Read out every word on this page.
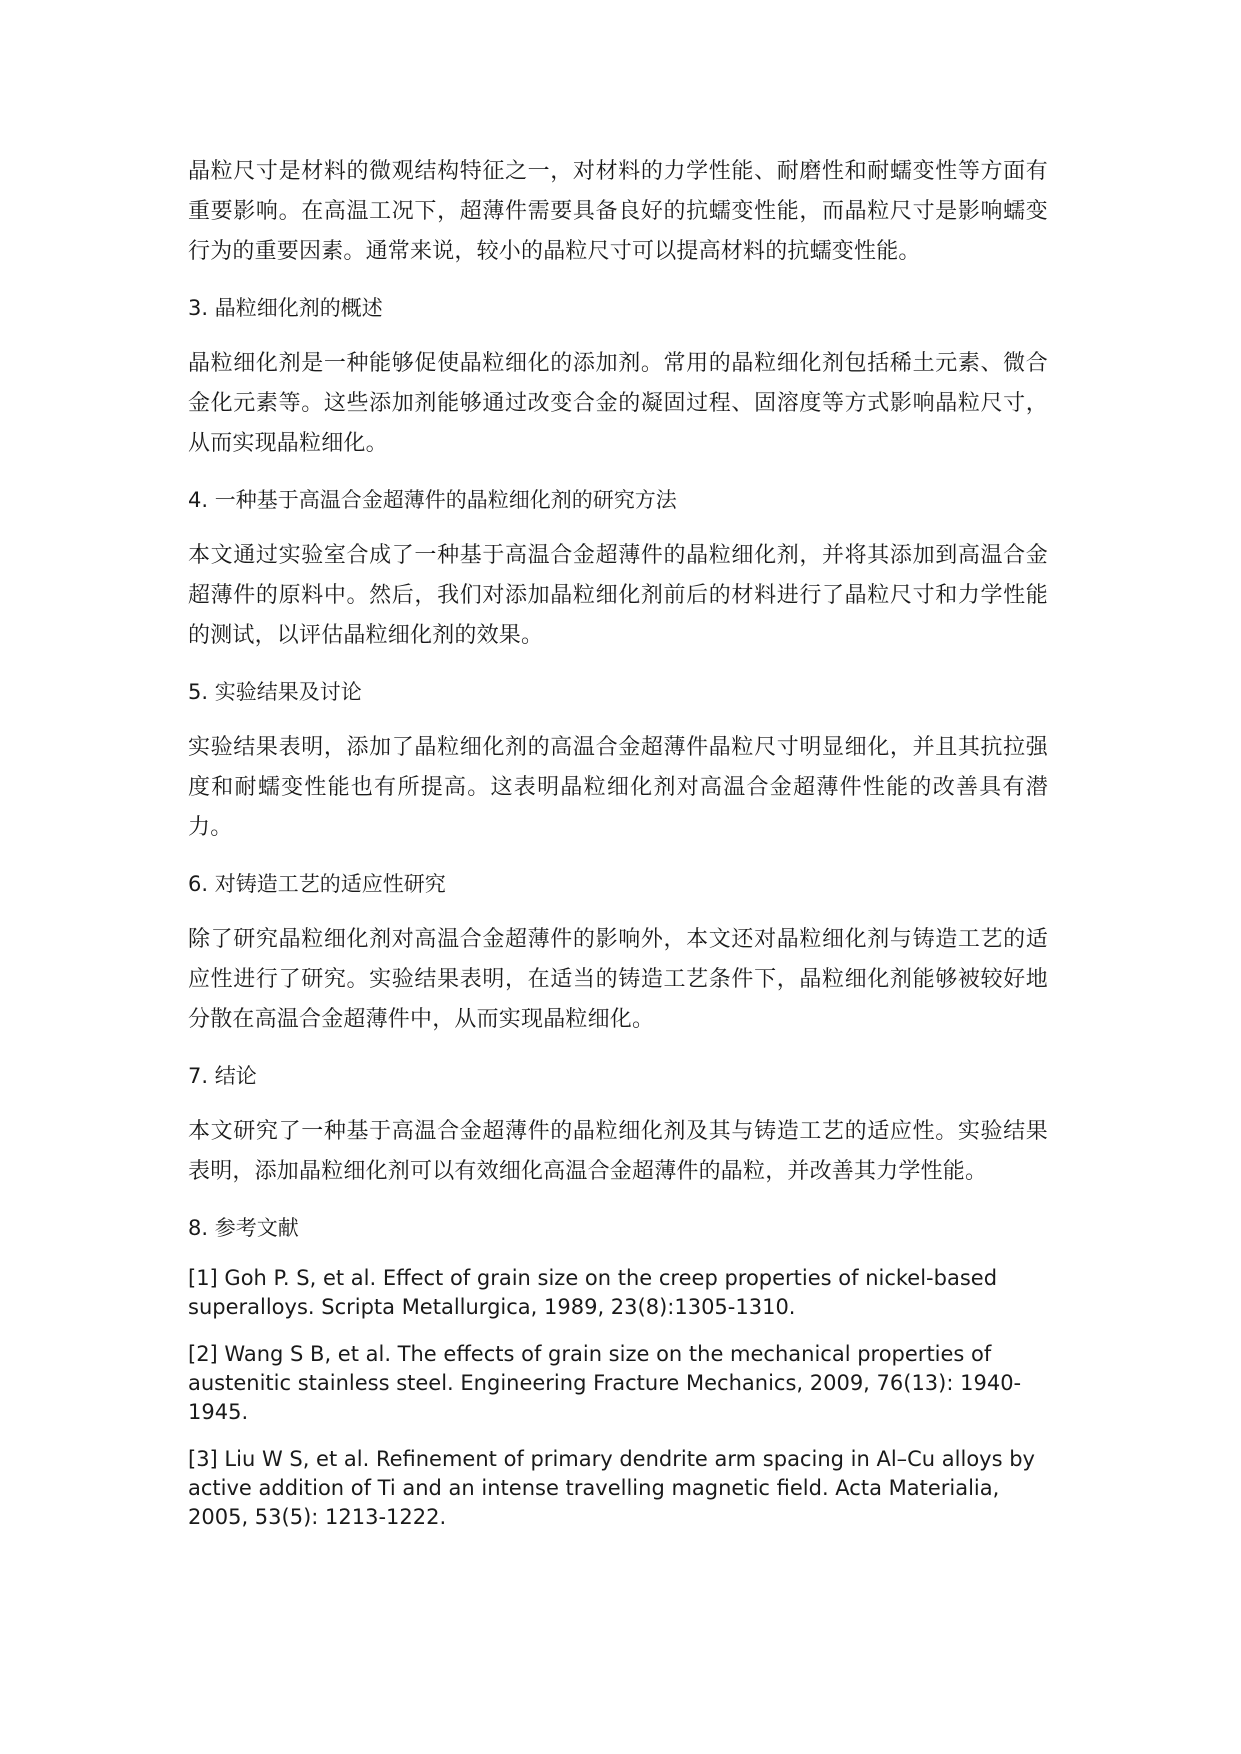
晶粒尺寸是材料的微观结构特征之一，对材料的力学性能、耐磨性和耐蠕变性等方面有重要影响。在高温工况下，超薄件需要具备良好的抗蠕变性能，而晶粒尺寸是影响蠕变行为的重要因素。通常来说，较小的晶粒尺寸可以提高材料的抗蠕变性能。

3. 晶粒细化剂的概述

晶粒细化剂是一种能够促使晶粒细化的添加剂。常用的晶粒细化剂包括稀土元素、微合金化元素等。这些添加剂能够通过改变合金的凝固过程、固溶度等方式影响晶粒尺寸，从而实现晶粒细化。

4. 一种基于高温合金超薄件的晶粒细化剂的研究方法

本文通过实验室合成了一种基于高温合金超薄件的晶粒细化剂，并将其添加到高温合金超薄件的原料中。然后，我们对添加晶粒细化剂前后的材料进行了晶粒尺寸和力学性能的测试，以评估晶粒细化剂的效果。

5. 实验结果及讨论

实验结果表明，添加了晶粒细化剂的高温合金超薄件晶粒尺寸明显细化，并且其抗拉强度和耐蠕变性能也有所提高。这表明晶粒细化剂对高温合金超薄件性能的改善具有潜力。

6. 对铸造工艺的适应性研究

除了研究晶粒细化剂对高温合金超薄件的影响外，本文还对晶粒细化剂与铸造工艺的适应性进行了研究。实验结果表明，在适当的铸造工艺条件下，晶粒细化剂能够被较好地分散在高温合金超薄件中，从而实现晶粒细化。

7. 结论

本文研究了一种基于高温合金超薄件的晶粒细化剂及其与铸造工艺的适应性。实验结果表明，添加晶粒细化剂可以有效细化高温合金超薄件的晶粒，并改善其力学性能。

8. 参考文献

[1] Goh P. S, et al. Effect of grain size on the creep properties of nickel-based superalloys. Scripta Metallurgica, 1989, 23(8):1305-1310.

[2] Wang S B, et al. The effects of grain size on the mechanical properties of austenitic stainless steel. Engineering Fracture Mechanics, 2009, 76(13): 1940-1945.

[3] Liu W S, et al. Refinement of primary dendrite arm spacing in Al–Cu alloys by active addition of Ti and an intense travelling magnetic field. Acta Materialia, 2005, 53(5): 1213-1222.
